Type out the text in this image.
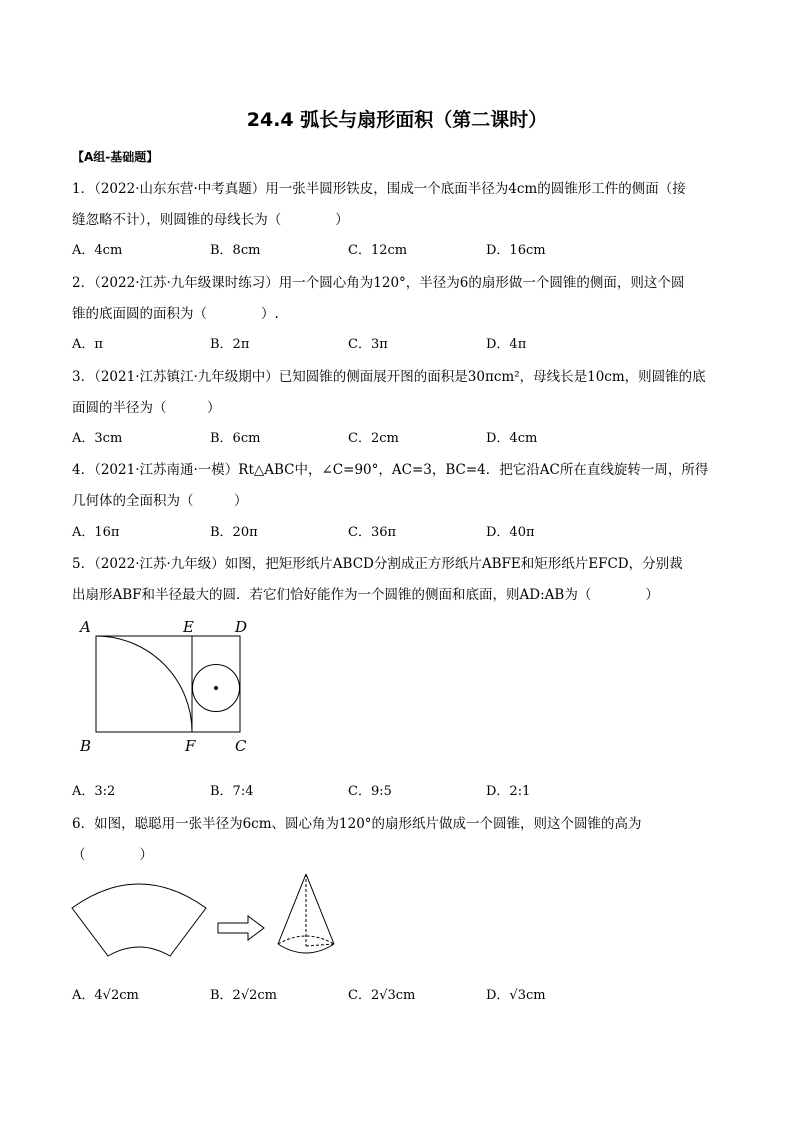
24.4 弧长与扇形面积（第二课时）
【A组-基础题】
1．（2022·山东东营·中考真题）用一张半圆形铁皮，围成一个底面半径为4cm的圆锥形工件的侧面（接
缝忽略不计），则圆锥的母线长为（　　　　）
A．4cm	B．8cm	C．12cm	D．16cm
2．（2022·江苏·九年级课时练习）用一个圆心角为120°，半径为6的扇形做一个圆锥的侧面，则这个圆
锥的底面圆的面积为（　　　　）.
A．π	B．2π	C．3π	D．4π
3．（2021·江苏镇江·九年级期中）已知圆锥的侧面展开图的面积是30πcm²，母线长是10cm，则圆锥的底
面圆的半径为（　　　）
A．3cm	B．6cm	C．2cm	D．4cm
4．（2021·江苏南通·一模）Rt△ABC中，∠C=90°，AC=3，BC=4．把它沿AC所在直线旋转一周，所得
几何体的全面积为（　　　）
A．16π	B．20π	C．36π	D．40π
5．（2022·江苏·九年级）如图，把矩形纸片ABCD分割成正方形纸片ABFE和矩形纸片EFCD，分别裁
出扇形ABF和半径最大的圆．若它们恰好能作为一个圆锥的侧面和底面，则AD:AB为（　　　　）
A	E	D
B	F	C
A．3:2	B．7:4	C．9:5	D．2:1
6．如图，聪聪用一张半径为6cm、圆心角为120°的扇形纸片做成一个圆锥，则这个圆锥的高为
（　　　　）
A．4√2cm	B．2√2cm	C．2√3cm	D．√3cm
